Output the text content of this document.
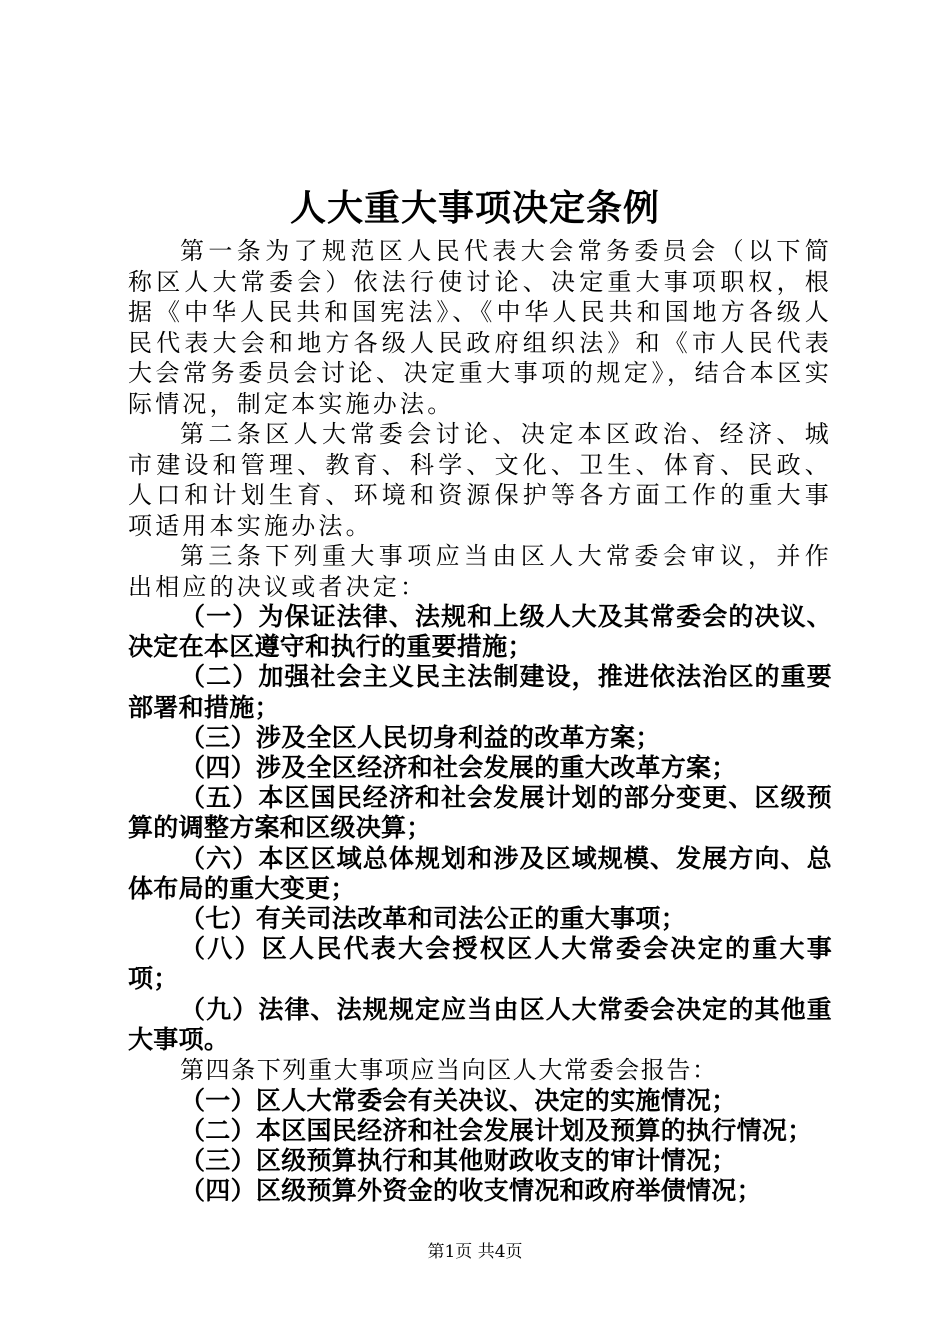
人大重大事项决定条例

第一条为了规范区人民代表大会常务委员会（以下简称区人大常委会）依法行使讨论、决定重大事项职权，根据《中华人民共和国宪法》、《中华人民共和国地方各级人民代表大会和地方各级人民政府组织法》和《市人民代表大会常务委员会讨论、决定重大事项的规定》，结合本区实际情况，制定本实施办法。

第二条区人大常委会讨论、决定本区政治、经济、城市建设和管理、教育、科学、文化、卫生、体育、民政、人口和计划生育、环境和资源保护等各方面工作的重大事项适用本实施办法。

第三条下列重大事项应当由区人大常委会审议，并作出相应的决议或者决定：

（一）为保证法律、法规和上级人大及其常委会的决议、决定在本区遵守和执行的重要措施；

（二）加强社会主义民主法制建设，推进依法治区的重要部署和措施；

（三）涉及全区人民切身利益的改革方案；

（四）涉及全区经济和社会发展的重大改革方案；

（五）本区国民经济和社会发展计划的部分变更、区级预算的调整方案和区级决算；

（六）本区区域总体规划和涉及区域规模、发展方向、总体布局的重大变更；

（七）有关司法改革和司法公正的重大事项；

（八）区人民代表大会授权区人大常委会决定的重大事项；

（九）法律、法规规定应当由区人大常委会决定的其他重大事项。

第四条下列重大事项应当向区人大常委会报告：

（一）区人大常委会有关决议、决定的实施情况；

（二）本区国民经济和社会发展计划及预算的执行情况；

（三）区级预算执行和其他财政收支的审计情况；

（四）区级预算外资金的收支情况和政府举债情况；

第1页 共4页
